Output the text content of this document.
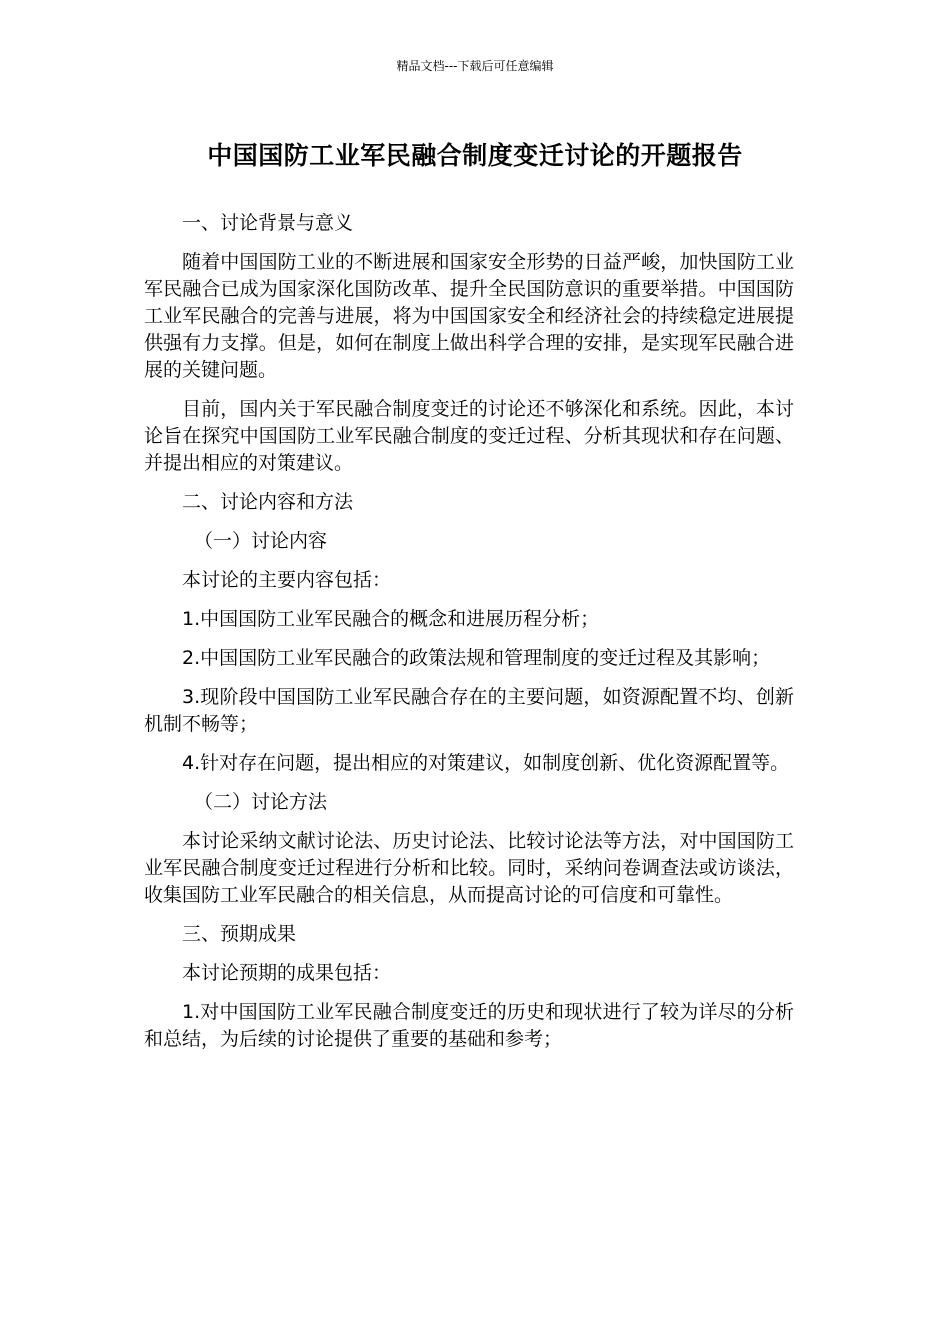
精品文档---下载后可任意编辑
中国国防工业军民融合制度变迁讨论的开题报告
一、讨论背景与意义
随着中国国防工业的不断进展和国家安全形势的日益严峻，加快国防工业军民融合已成为国家深化国防改革、提升全民国防意识的重要举措。中国国防工业军民融合的完善与进展，将为中国国家安全和经济社会的持续稳定进展提供强有力支撑。但是，如何在制度上做出科学合理的安排，是实现军民融合进展的关键问题。
目前，国内关于军民融合制度变迁的讨论还不够深化和系统。因此，本讨论旨在探究中国国防工业军民融合制度的变迁过程、分析其现状和存在问题、并提出相应的对策建议。
二、讨论内容和方法
（一）讨论内容
本讨论的主要内容包括：
1.中国国防工业军民融合的概念和进展历程分析；
2.中国国防工业军民融合的政策法规和管理制度的变迁过程及其影响；
3.现阶段中国国防工业军民融合存在的主要问题，如资源配置不均、创新机制不畅等；
4.针对存在问题，提出相应的对策建议，如制度创新、优化资源配置等。
（二）讨论方法
本讨论采纳文献讨论法、历史讨论法、比较讨论法等方法，对中国国防工业军民融合制度变迁过程进行分析和比较。同时，采纳问卷调查法或访谈法，收集国防工业军民融合的相关信息，从而提高讨论的可信度和可靠性。
三、预期成果
本讨论预期的成果包括：
1.对中国国防工业军民融合制度变迁的历史和现状进行了较为详尽的分析和总结，为后续的讨论提供了重要的基础和参考；
